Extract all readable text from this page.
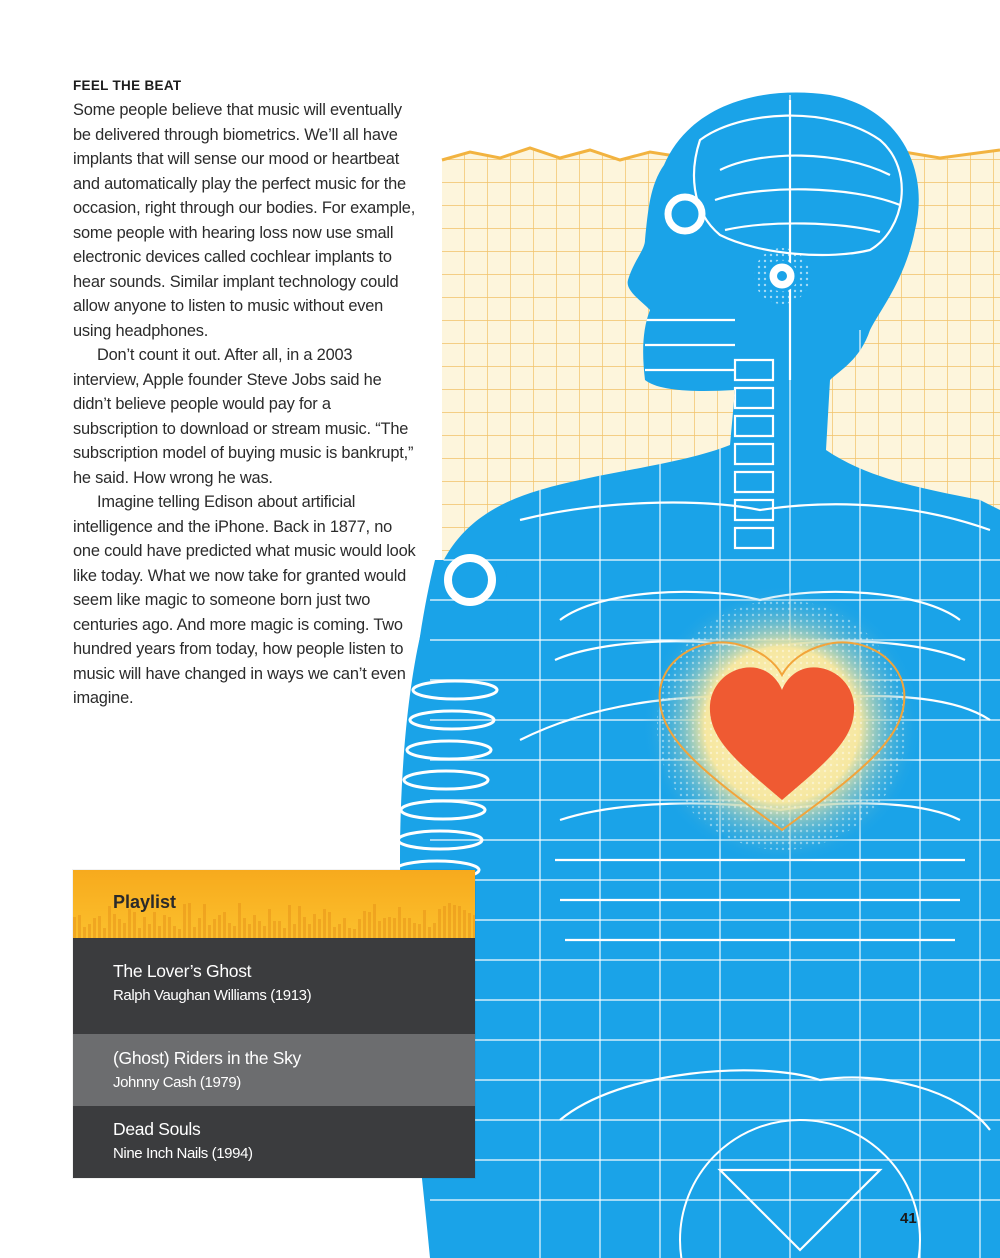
FEEL THE BEAT

Some people believe that music will eventually be delivered through biometrics. We’ll all have implants that will sense our mood or heartbeat and automatically play the perfect music for the occasion, right through our bodies. For example, some people with hearing loss now use small electronic devices called cochlear implants to hear sounds. Similar implant technology could allow anyone to listen to music without even using headphones.

Don’t count it out. After all, in a 2003 interview, Apple founder Steve Jobs said he didn’t believe people would pay for a subscription to download or stream music. “The subscription model of buying music is bankrupt,” he said. How wrong he was.

Imagine telling Edison about artificial intelligence and the iPhone. Back in 1877, no one could have predicted what music would look like today. What we now take for granted would seem like magic to someone born just two centuries ago. And more magic is coming. Two hundred years from today, how people listen to music will have changed in ways we can’t even imagine.

Playlist
The Lover’s Ghost
Ralph Vaughan Williams (1913)
(Ghost) Riders in the Sky
Johnny Cash (1979)
Dead Souls
Nine Inch Nails (1994)
41
